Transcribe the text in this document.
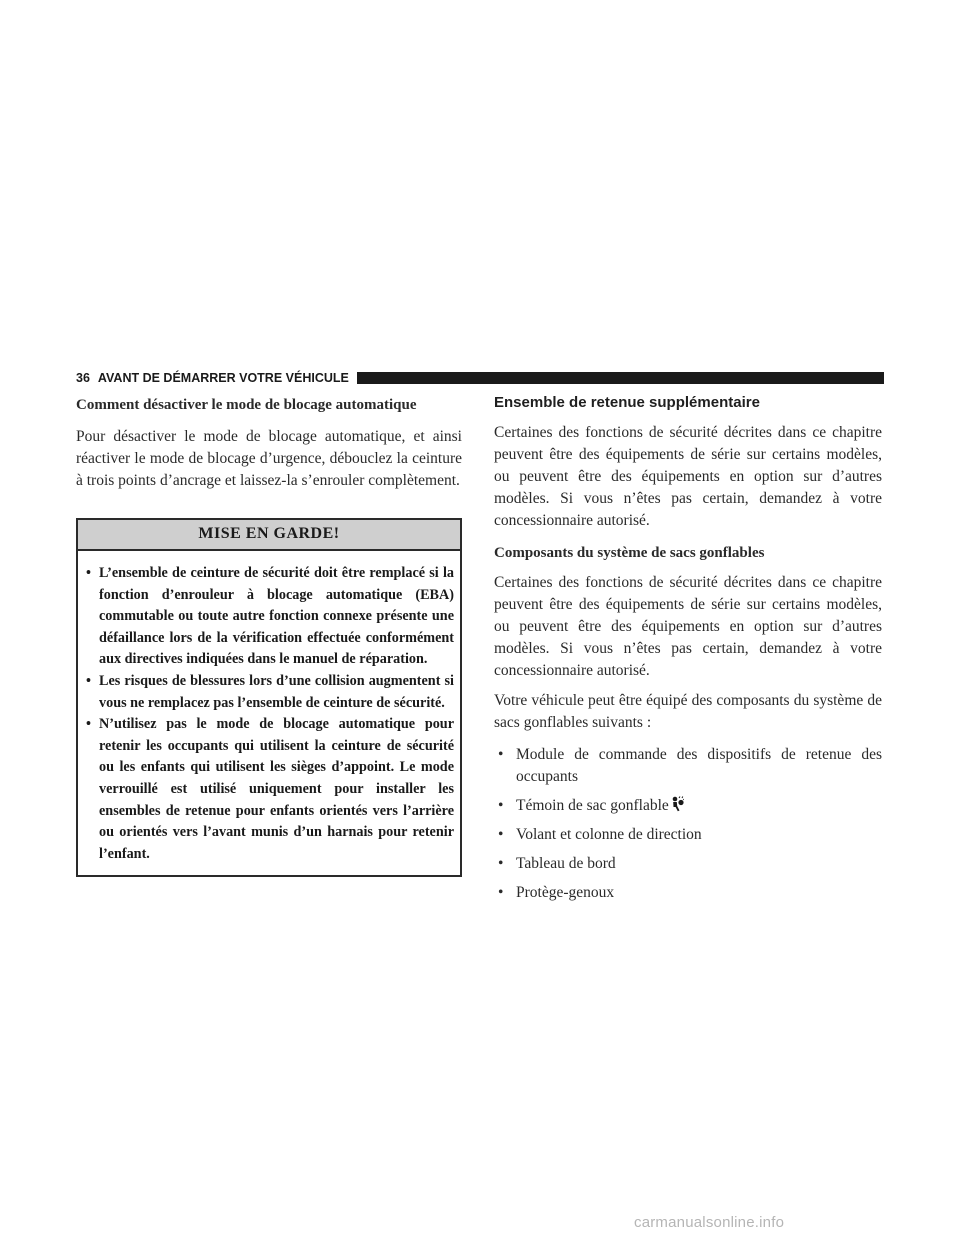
36 AVANT DE DÉMARRER VOTRE VÉHICULE

Comment désactiver le mode de blocage automatique

Pour désactiver le mode de blocage automatique, et ainsi réactiver le mode de blocage d’urgence, débouclez la ceinture à trois points d’ancrage et laissez-la s’enrouler complètement.

MISE EN GARDE!
• L’ensemble de ceinture de sécurité doit être remplacé si la fonction d’enrouleur à blocage automatique (EBA) commutable ou toute autre fonction connexe présente une défaillance lors de la vérification effectuée conformément aux directives indiquées dans le manuel de réparation.
• Les risques de blessures lors d’une collision augmentent si vous ne remplacez pas l’ensemble de ceinture de sécurité.
• N’utilisez pas le mode de blocage automatique pour retenir les occupants qui utilisent la ceinture de sécurité ou les enfants qui utilisent les sièges d’appoint. Le mode verrouillé est utilisé uniquement pour installer les ensembles de retenue pour enfants orientés vers l’arrière ou orientés vers l’avant munis d’un harnais pour retenir l’enfant.

Ensemble de retenue supplémentaire

Certaines des fonctions de sécurité décrites dans ce chapitre peuvent être des équipements de série sur certains modèles, ou peuvent être des équipements en option sur d’autres modèles. Si vous n’êtes pas certain, demandez à votre concessionnaire autorisé.

Composants du système de sacs gonflables

Certaines des fonctions de sécurité décrites dans ce chapitre peuvent être des équipements de série sur certains modèles, ou peuvent être des équipements en option sur d’autres modèles. Si vous n’êtes pas certain, demandez à votre concessionnaire autorisé.

Votre véhicule peut être équipé des composants du système de sacs gonflables suivants :

• Module de commande des dispositifs de retenue des occupants
• Témoin de sac gonflable
• Volant et colonne de direction
• Tableau de bord
• Protège-genoux
carmanualsonline.info
